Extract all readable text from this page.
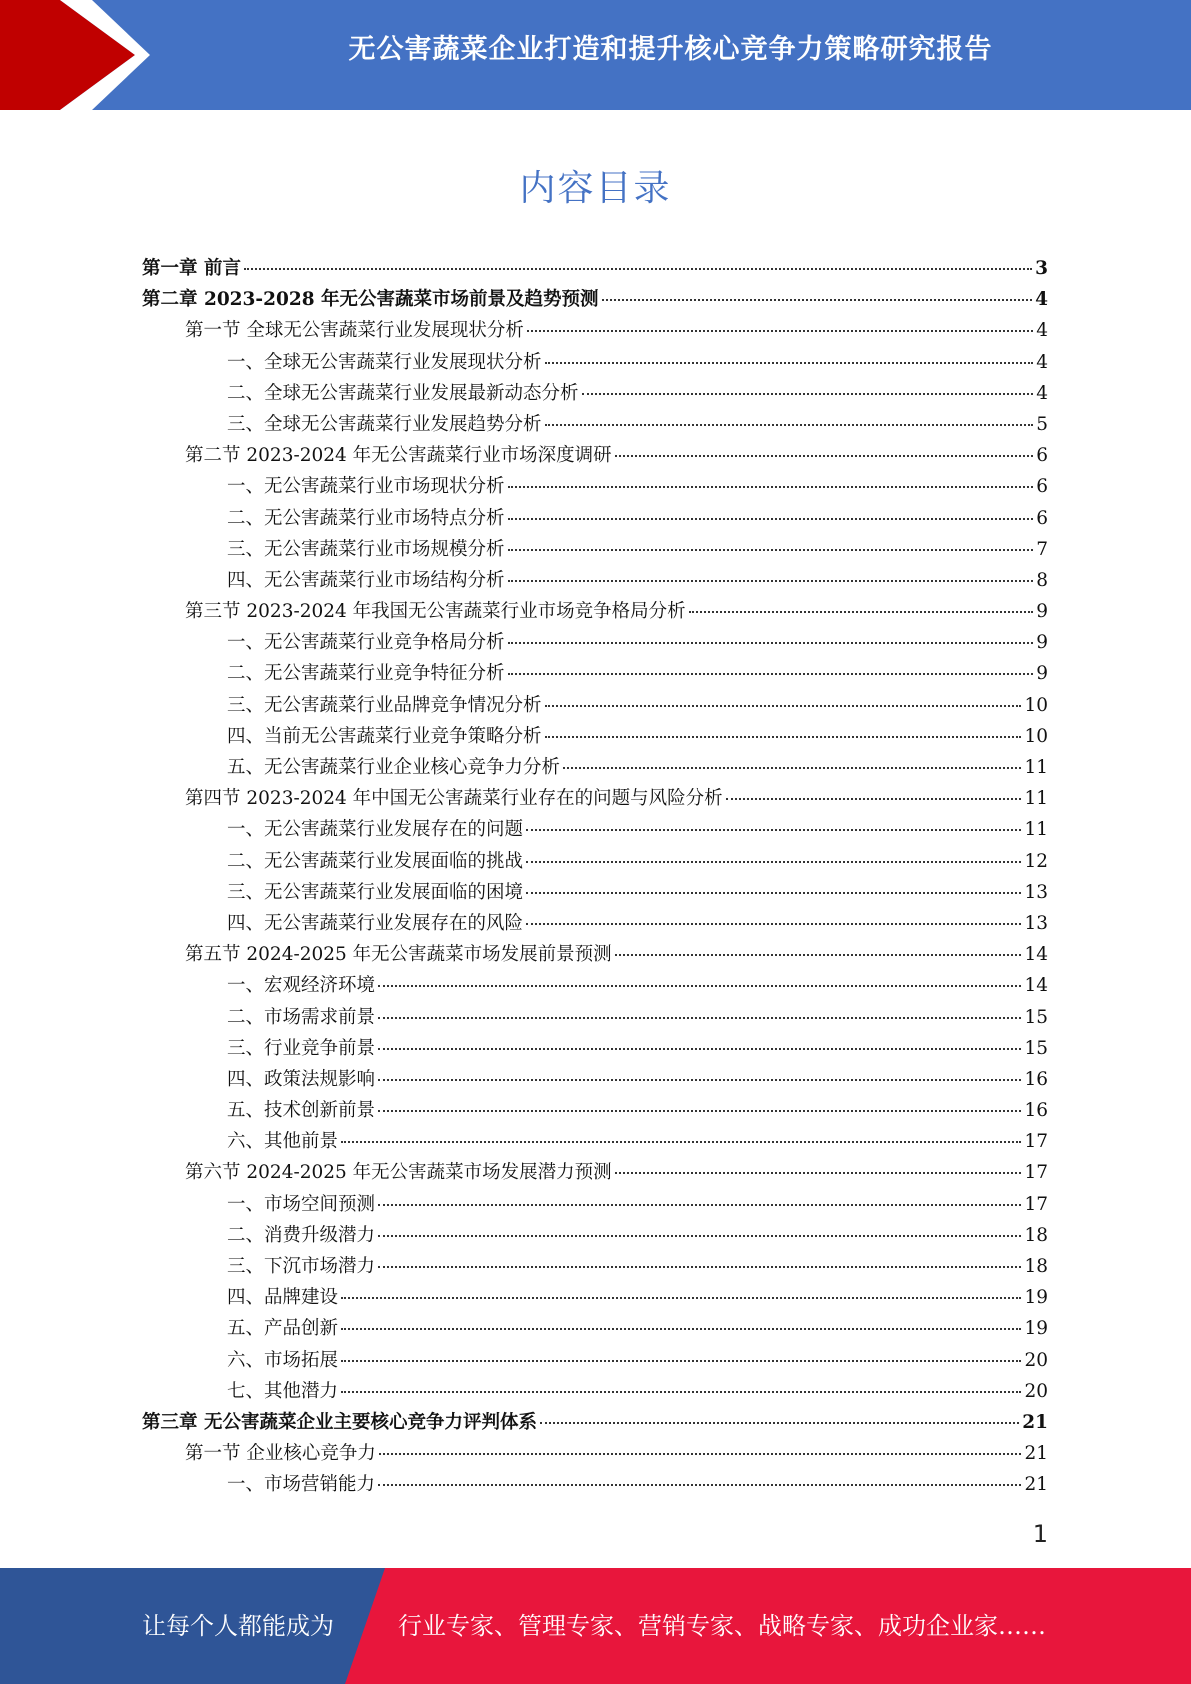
无公害蔬菜企业打造和提升核心竞争力策略研究报告
内容目录
第一章 前言	3
第二章 2023-2028 年无公害蔬菜市场前景及趋势预测	4
第一节 全球无公害蔬菜行业发展现状分析	4
一、全球无公害蔬菜行业发展现状分析	4
二、全球无公害蔬菜行业发展最新动态分析	4
三、全球无公害蔬菜行业发展趋势分析	5
第二节 2023-2024 年无公害蔬菜行业市场深度调研	6
一、无公害蔬菜行业市场现状分析	6
二、无公害蔬菜行业市场特点分析	6
三、无公害蔬菜行业市场规模分析	7
四、无公害蔬菜行业市场结构分析	8
第三节 2023-2024 年我国无公害蔬菜行业市场竞争格局分析	9
一、无公害蔬菜行业竞争格局分析	9
二、无公害蔬菜行业竞争特征分析	9
三、无公害蔬菜行业品牌竞争情况分析	10
四、当前无公害蔬菜行业竞争策略分析	10
五、无公害蔬菜行业企业核心竞争力分析	11
第四节 2023-2024 年中国无公害蔬菜行业存在的问题与风险分析	11
一、无公害蔬菜行业发展存在的问题	11
二、无公害蔬菜行业发展面临的挑战	12
三、无公害蔬菜行业发展面临的困境	13
四、无公害蔬菜行业发展存在的风险	13
第五节 2024-2025 年无公害蔬菜市场发展前景预测	14
一、宏观经济环境	14
二、市场需求前景	15
三、行业竞争前景	15
四、政策法规影响	16
五、技术创新前景	16
六、其他前景	17
第六节 2024-2025 年无公害蔬菜市场发展潜力预测	17
一、市场空间预测	17
二、消费升级潜力	18
三、下沉市场潜力	18
四、品牌建设	19
五、产品创新	19
六、市场拓展	20
七、其他潜力	20
第三章 无公害蔬菜企业主要核心竞争力评判体系	21
第一节 企业核心竞争力	21
一、市场营销能力	21
1
让每个人都能成为	行业专家、管理专家、营销专家、战略专家、成功企业家……
